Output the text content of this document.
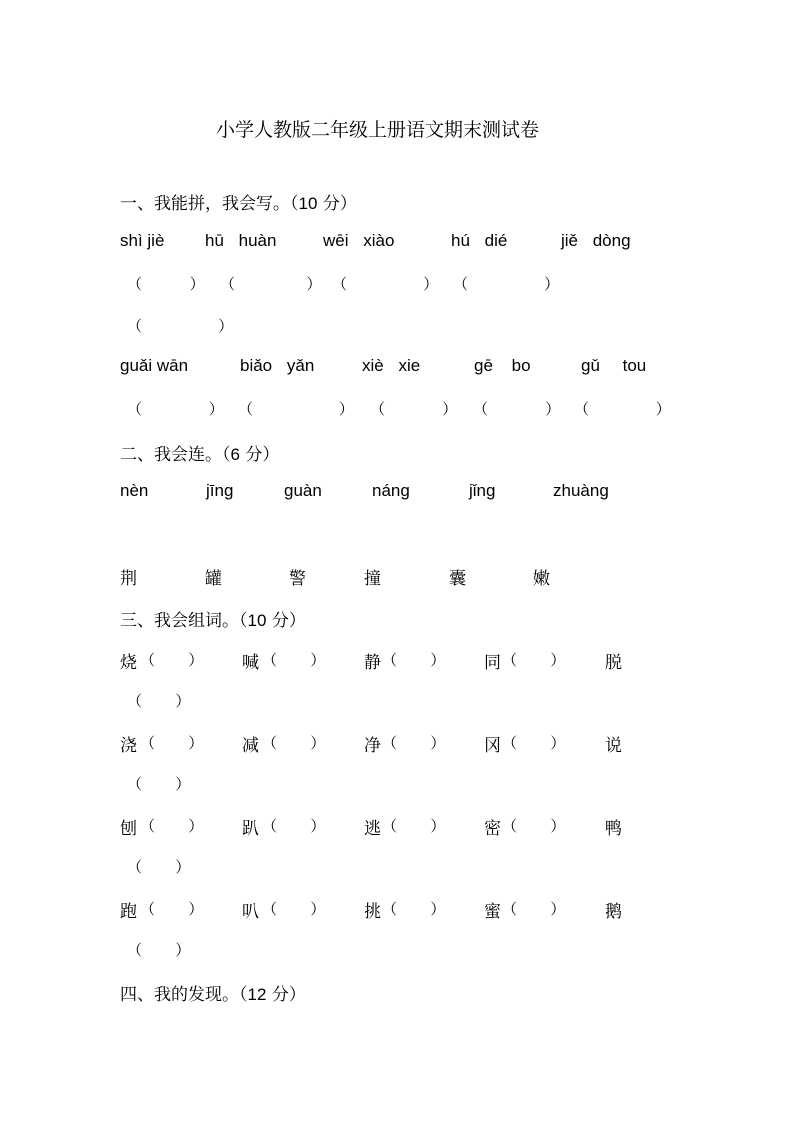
小学人教版二年级上册语文期末测试卷
一、我能拼，我会写。（10 分）
shì jiè hū huàn	wēi xiào	hú dié	jiě dònɡ
（          ） （               ） （                ） （                ）
（                ）
ɡuǎi wān	biǎo yǎn	xiè xie	ɡē bo	gǔ tou
（              ） （                  ） （            ） （            ） （              ）
二、我会连。（6 分）
nèn	jīng	guàn	náng	jǐng	zhuàng
荆	罐	警	撞	囊	嫩
三、我会组词。（10 分）
烧 （       ） 喊 （       ） 静 （       ） 同 （       ） 脱
（       ）
浇 （       ） 减 （       ） 净 （       ） 冈 （       ） 说
（       ）
刨 （       ） 趴 （       ） 逃 （       ） 密 （       ） 鸭
（       ）
跑 （       ） 叭 （       ） 挑 （       ） 蜜 （       ） 鹅
（       ）
四、我的发现。（12 分）
